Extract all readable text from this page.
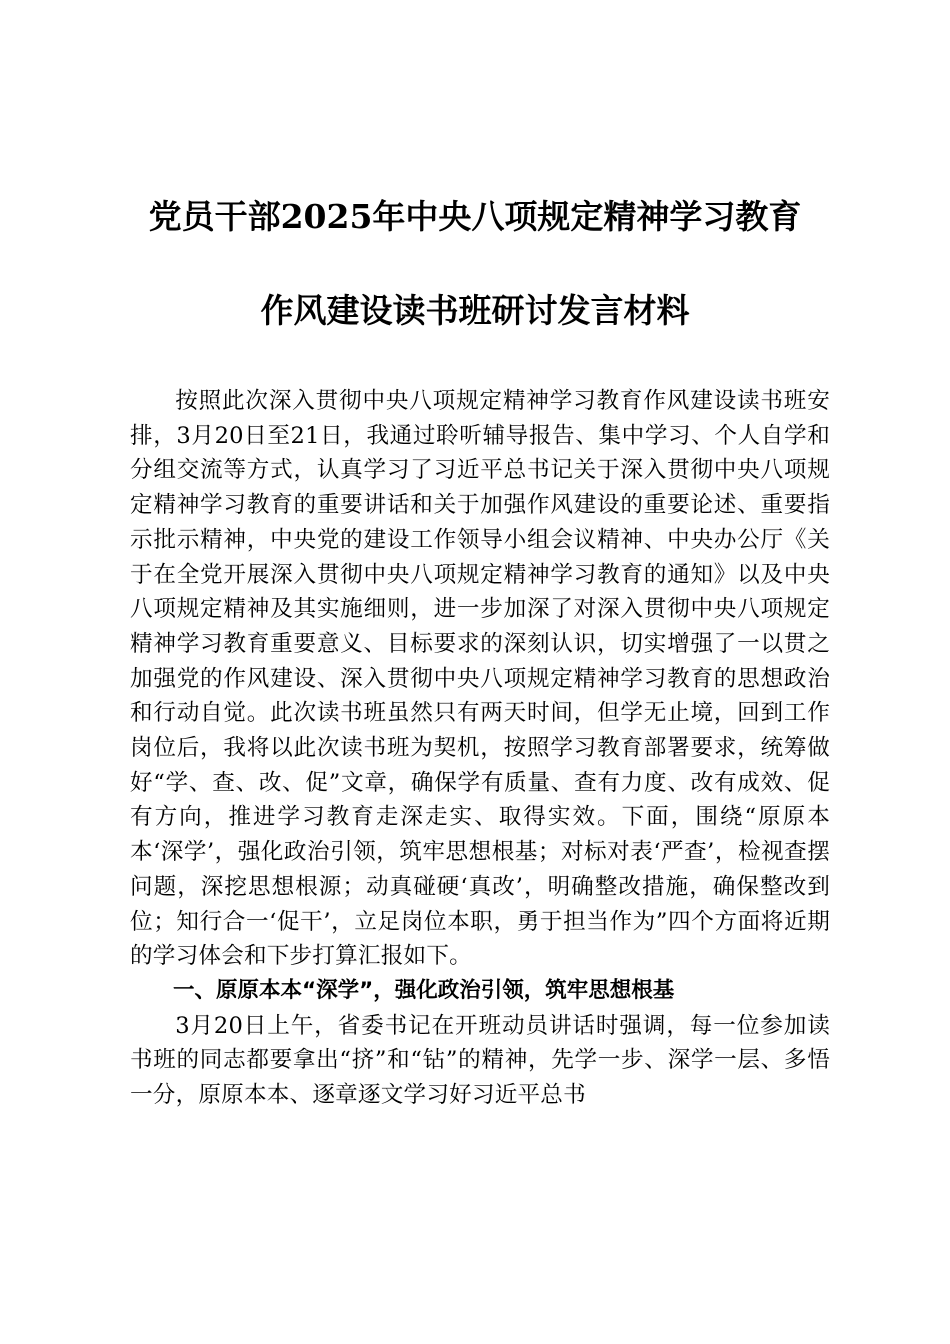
党员干部2025年中央八项规定精神学习教育
作风建设读书班研讨发言材料

按照此次深入贯彻中央八项规定精神学习教育作风建设读书班安排，3月20日至21日，我通过聆听辅导报告、集中学习、个人自学和分组交流等方式，认真学习了习近平总书记关于深入贯彻中央八项规定精神学习教育的重要讲话和关于加强作风建设的重要论述、重要指示批示精神，中央党的建设工作领导小组会议精神、中央办公厅《关于在全党开展深入贯彻中央八项规定精神学习教育的通知》以及中央八项规定精神及其实施细则，进一步加深了对深入贯彻中央八项规定精神学习教育重要意义、目标要求的深刻认识，切实增强了一以贯之加强党的作风建设、深入贯彻中央八项规定精神学习教育的思想政治和行动自觉。此次读书班虽然只有两天时间，但学无止境，回到工作岗位后，我将以此次读书班为契机，按照学习教育部署要求，统筹做好“学、查、改、促”文章，确保学有质量、查有力度、改有成效、促有方向，推进学习教育走深走实、取得实效。下面，围绕“原原本本‘深学’，强化政治引领，筑牢思想根基；对标对表‘严查’，检视查摆问题，深挖思想根源；动真碰硬‘真改’，明确整改措施，确保整改到位；知行合一‘促干’，立足岗位本职，勇于担当作为”四个方面将近期的学习体会和下步打算汇报如下。

一、原原本本“深学”，强化政治引领，筑牢思想根基

3月20日上午，省委书记在开班动员讲话时强调，每一位参加读书班的同志都要拿出“挤”和“钻”的精神，先学一步、深学一层、多悟一分，原原本本、逐章逐文学习好习近平总书
